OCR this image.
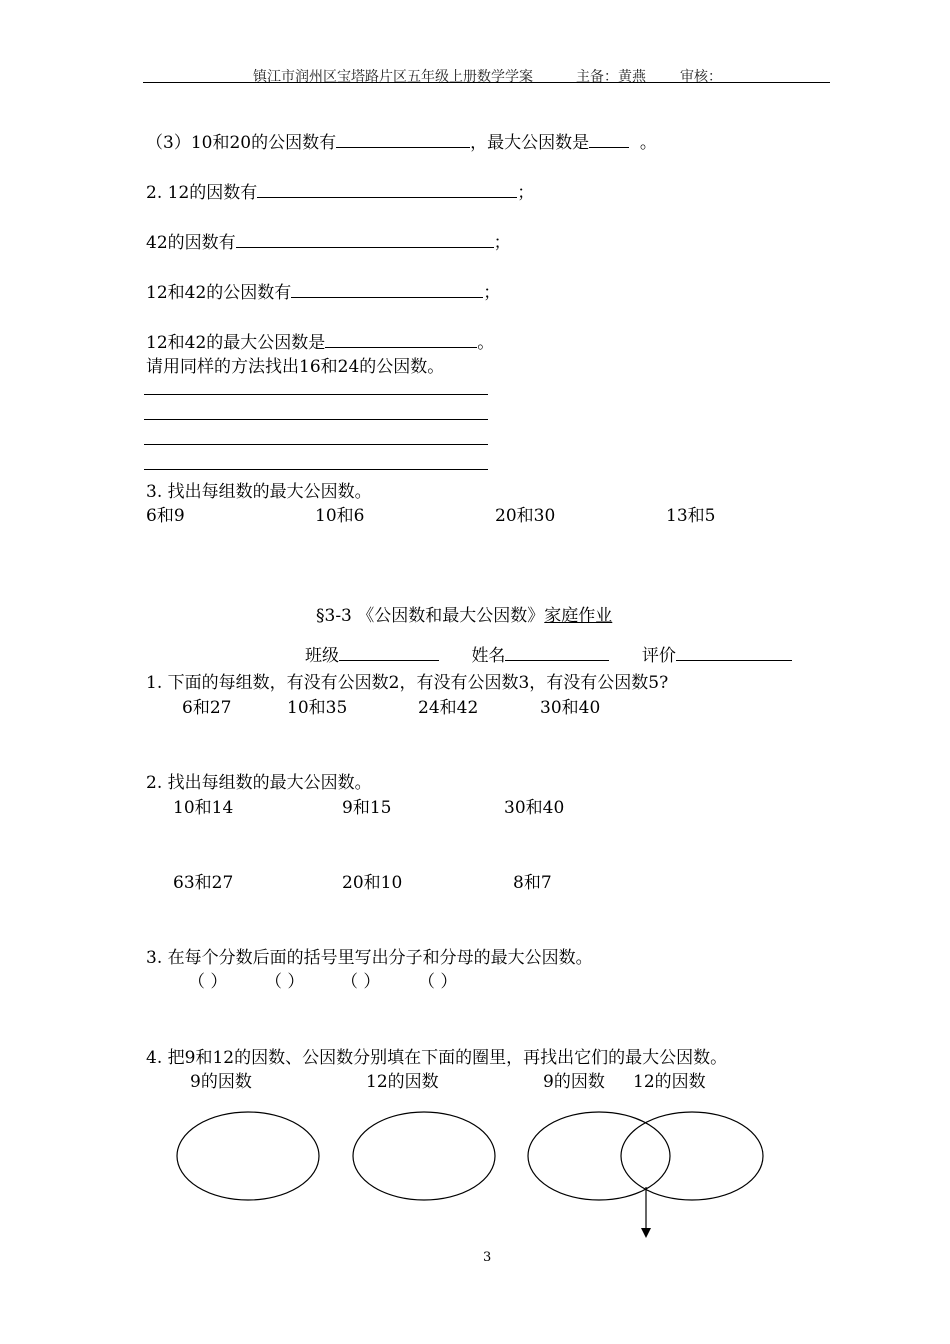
镇江市润州区宝塔路片区五年级上册数学学案	主备：黄燕 审核：
（3）10和20的公因数有	，最大公因数是	。
2. 12的因数有	；
42的因数有	；
12和42的公因数有	；
12和42的最大公因数是	。
请用同样的方法找出16和24的公因数。
3. 找出每组数的最大公因数。
6和9	10和6	20和30	13和5
§3-3 《公因数和最大公因数》家庭作业
班级	姓名	评价
1. 下面的每组数，有没有公因数2，有没有公因数3，有没有公因数5?
6和27	10和35	24和42	30和40
2. 找出每组数的最大公因数。
10和14	9和15	30和40
63和27	20和10	8和7
3. 在每个分数后面的括号里写出分子和分母的最大公因数。
（ ） （ ） （ ） （ ）
4. 把9和12的因数、公因数分别填在下面的圈里，再找出它们的最大公因数。
9的因数	12的因数	9的因数 12的因数
3
